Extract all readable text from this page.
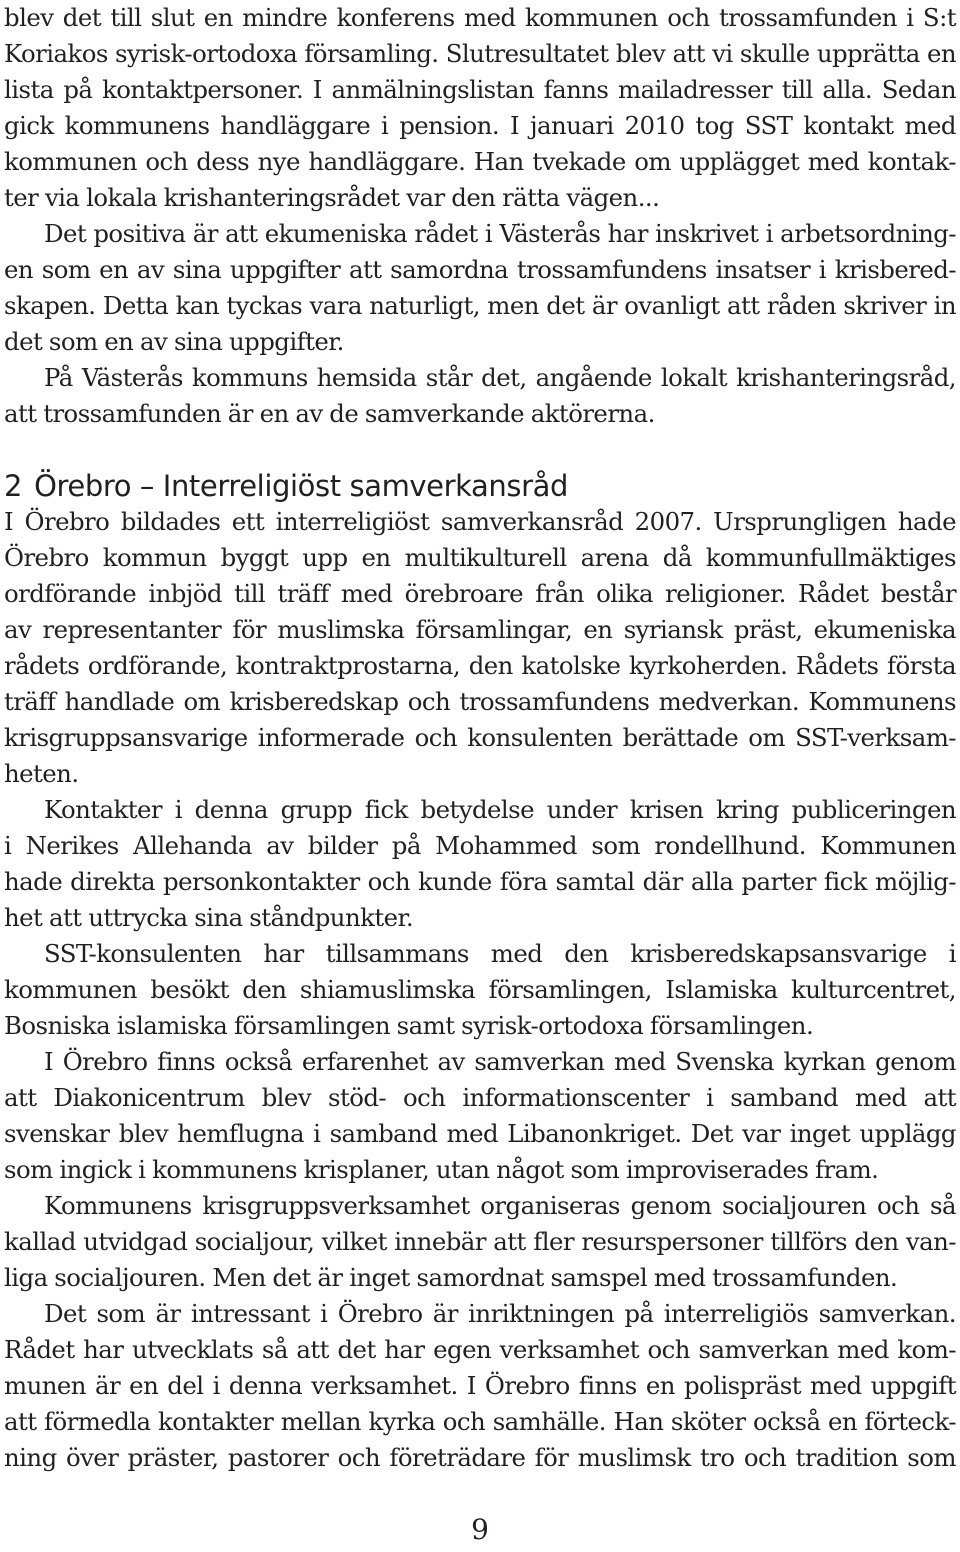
blev det till slut en mindre konferens med kommunen och trossamfunden i S:t
Koriakos syrisk-ortodoxa församling. Slutresultatet blev att vi skulle upprätta en
lista på kontaktpersoner. I anmälningslistan fanns mailadresser till alla. Sedan
gick kommunens handläggare i pension. I januari 2010 tog SST kontakt med
kommunen och dess nye handläggare. Han tvekade om upplägget med kontak-
ter via lokala krishanteringsrådet var den rätta vägen...
Det positiva är att ekumeniska rådet i Västerås har inskrivet i arbetsordning-
en som en av sina uppgifter att samordna trossamfundens insatser i krisbered-
skapen. Detta kan tyckas vara naturligt, men det är ovanligt att råden skriver in
det som en av sina uppgifter.
På Västerås kommuns hemsida står det, angående lokalt krishanteringsråd,
att trossamfunden är en av de samverkande aktörerna.
2 Örebro – Interreligiöst samverkansråd
I Örebro bildades ett interreligiöst samverkansråd 2007. Ursprungligen hade
Örebro kommun byggt upp en multikulturell arena då kommunfullmäktiges
ordförande inbjöd till träff med örebroare från olika religioner. Rådet består
av representanter för muslimska församlingar, en syriansk präst, ekumeniska
rådets ordförande, kontraktprostarna, den katolske kyrkoherden. Rådets första
träff handlade om krisberedskap och trossamfundens medverkan. Kommunens
krisgruppsansvarige informerade och konsulenten berättade om SST-verksam-
heten.
Kontakter i denna grupp fick betydelse under krisen kring publiceringen
i Nerikes Allehanda av bilder på Mohammed som rondellhund. Kommunen
hade direkta personkontakter och kunde föra samtal där alla parter fick möjlig-
het att uttrycka sina ståndpunkter.
SST-konsulenten har tillsammans med den krisberedskapsansvarige i
kommunen besökt den shiamuslimska församlingen, Islamiska kulturcentret,
Bosniska islamiska församlingen samt syrisk-ortodoxa församlingen.
I Örebro finns också erfarenhet av samverkan med Svenska kyrkan genom
att Diakonicentrum blev stöd- och informationscenter i samband med att
svenskar blev hemflugna i samband med Libanonkriget. Det var inget upplägg
som ingick i kommunens krisplaner, utan något som improviserades fram.
Kommunens krisgruppsverksamhet organiseras genom socialjouren och så
kallad utvidgad socialjour, vilket innebär att fler resurspersoner tillförs den van-
liga socialjouren. Men det är inget samordnat samspel med trossamfunden.
Det som är intressant i Örebro är inriktningen på interreligiös samverkan.
Rådet har utvecklats så att det har egen verksamhet och samverkan med kom-
munen är en del i denna verksamhet. I Örebro finns en polispräst med uppgift
att förmedla kontakter mellan kyrka och samhälle. Han sköter också en förteck-
ning över präster, pastorer och företrädare för muslimsk tro och tradition som
9
